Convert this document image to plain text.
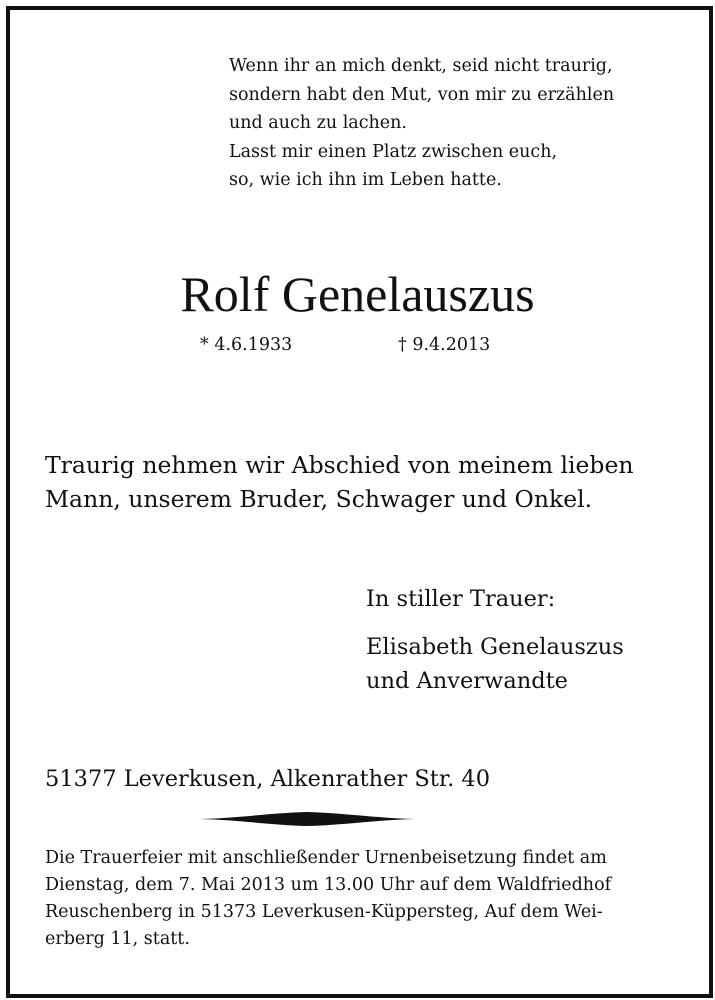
Wenn ihr an mich denkt, seid nicht traurig,
sondern habt den Mut, von mir zu erzählen
und auch zu lachen.
Lasst mir einen Platz zwischen euch,
so, wie ich ihn im Leben hatte.
Rolf Genelauszus
* 4.6.1933	† 9.4.2013
Traurig nehmen wir Abschied von meinem lieben
Mann, unserem Bruder, Schwager und Onkel.
In stiller Trauer:
Elisabeth Genelauszus
und Anverwandte
51377 Leverkusen, Alkenrather Str. 40
Die Trauerfeier mit anschließender Urnenbeisetzung findet am
Dienstag, dem 7. Mai 2013 um 13.00 Uhr auf dem Waldfriedhof
Reuschenberg in 51373 Leverkusen-Küppersteg, Auf dem Wei-
erberg 11, statt.
